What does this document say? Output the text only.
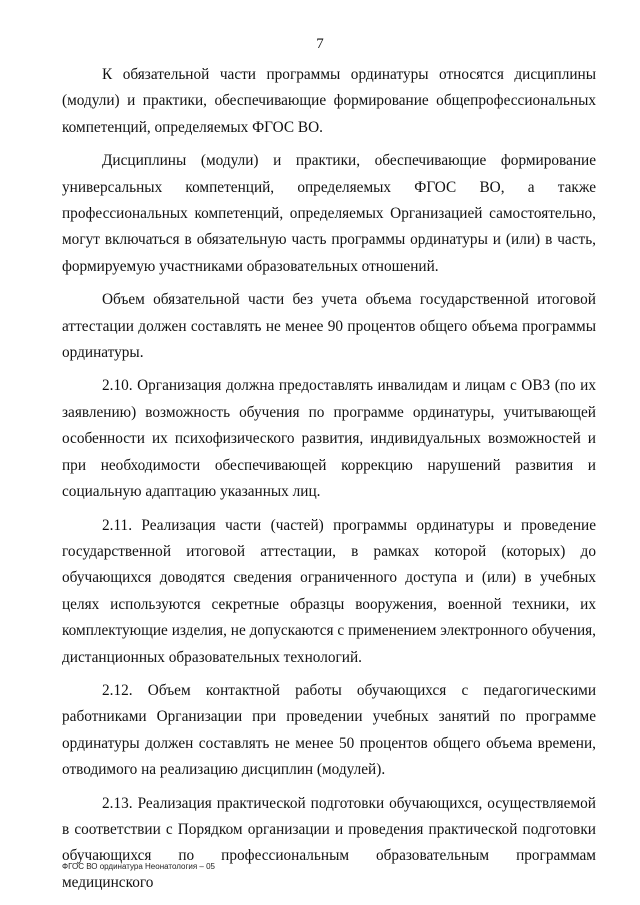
7

К обязательной части программы ординатуры относятся дисциплины (модули) и практики, обеспечивающие формирование общепрофессиональных компетенций, определяемых ФГОС ВО.

Дисциплины (модули) и практики, обеспечивающие формирование универсальных компетенций, определяемых ФГОС ВО, а также профессиональных компетенций, определяемых Организацией самостоятельно, могут включаться в обязательную часть программы ординатуры и (или) в часть, формируемую участниками образовательных отношений.

Объем обязательной части без учета объема государственной итоговой аттестации должен составлять не менее 90 процентов общего объема программы ординатуры.

2.10. Организация должна предоставлять инвалидам и лицам с ОВЗ (по их заявлению) возможность обучения по программе ординатуры, учитывающей особенности их психофизического развития, индивидуальных возможностей и при необходимости обеспечивающей коррекцию нарушений развития и социальную адаптацию указанных лиц.

2.11. Реализация части (частей) программы ординатуры и проведение государственной итоговой аттестации, в рамках которой (которых) до обучающихся доводятся сведения ограниченного доступа и (или) в учебных целях используются секретные образцы вооружения, военной техники, их комплектующие изделия, не допускаются с применением электронного обучения, дистанционных образовательных технологий.

2.12. Объем контактной работы обучающихся с педагогическими работниками Организации при проведении учебных занятий по программе ординатуры должен составлять не менее 50 процентов общего объема времени, отводимого на реализацию дисциплин (модулей).

2.13. Реализация практической подготовки обучающихся, осуществляемой в соответствии с Порядком организации и проведения практической подготовки обучающихся по профессиональным образовательным программам медицинского

ФГОС ВО ординатура Неонатология – 05
